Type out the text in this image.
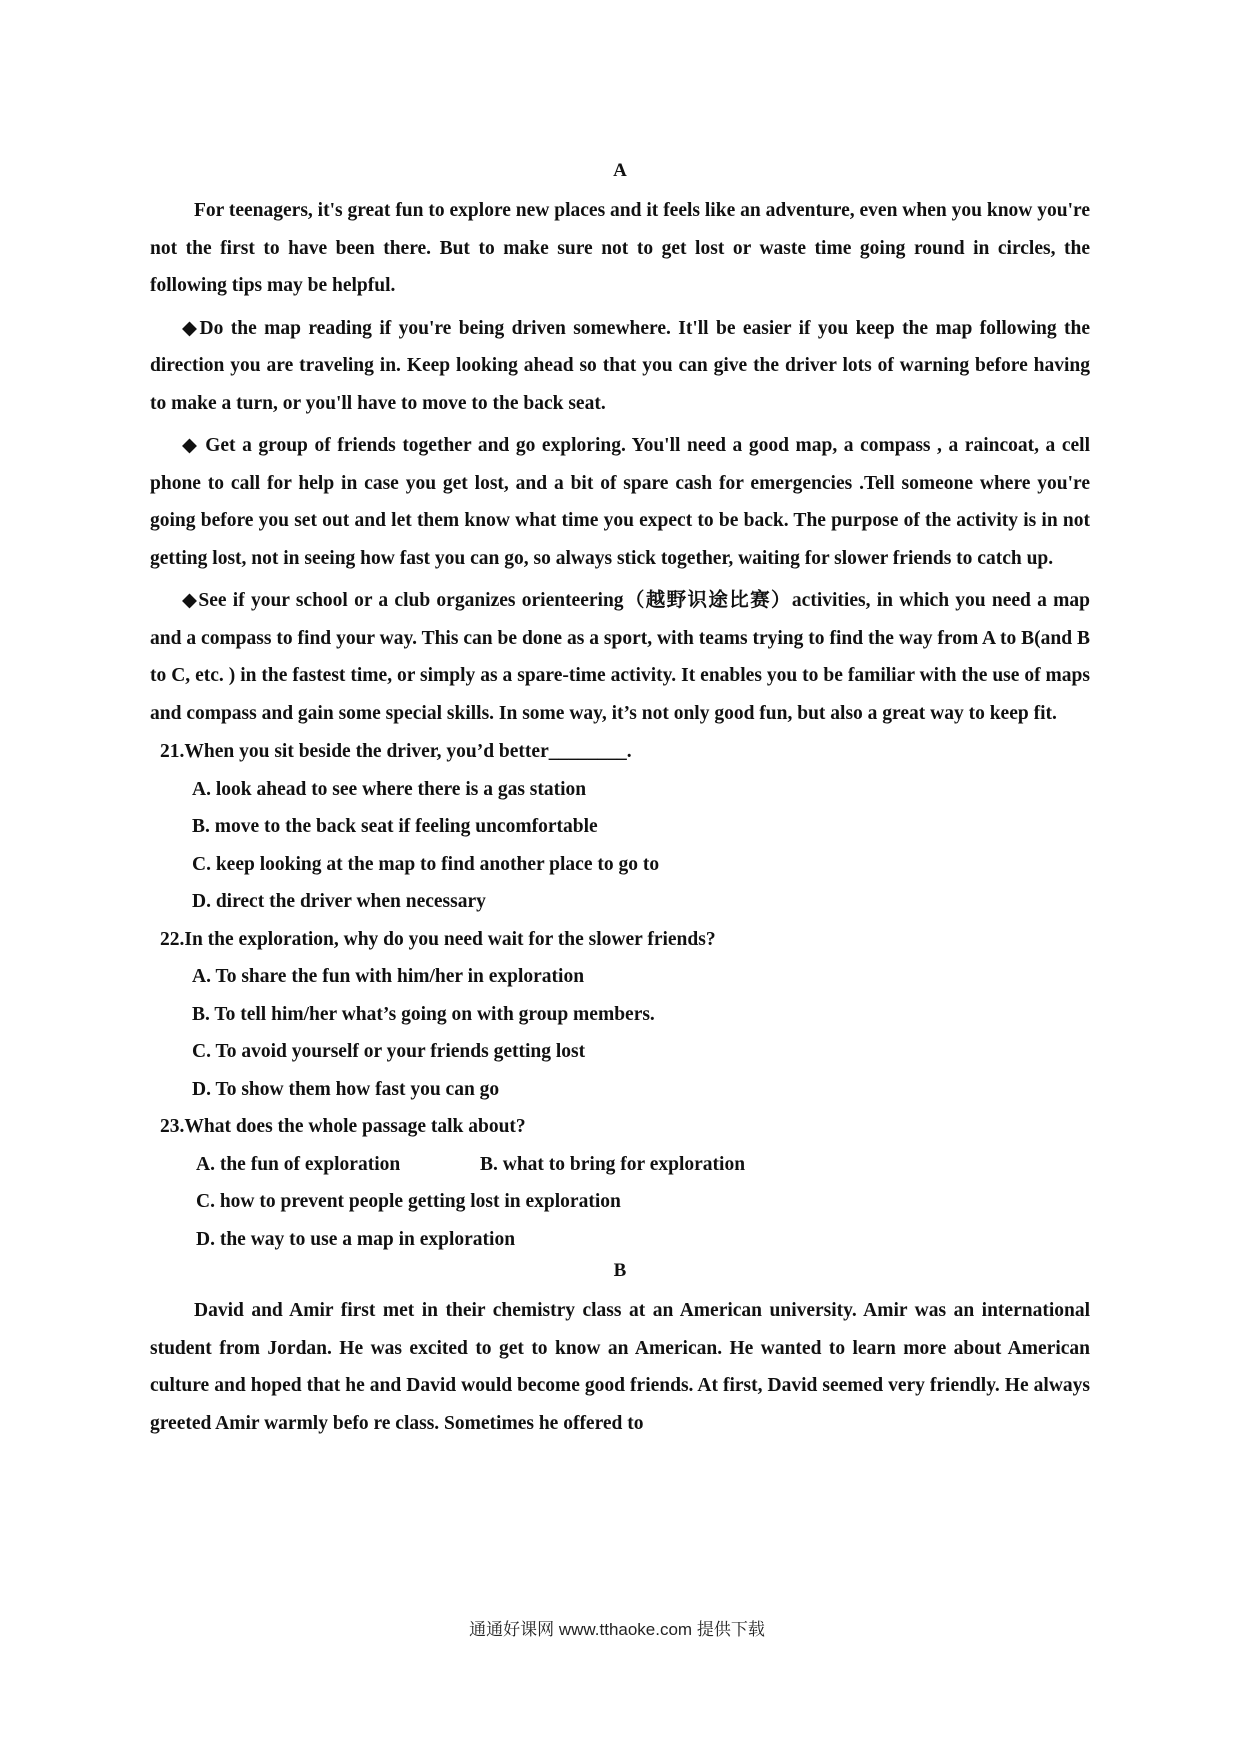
A

For teenagers, it's great fun to explore new places and it feels like an adventure, even when you know you're not the first to have been there. But to make sure not to get lost or waste time going round in circles, the following tips may be helpful.

◆Do the map reading if you're being driven somewhere. It'll be easier if you keep the map following the direction you are traveling in. Keep looking ahead so that you can give the driver lots of warning before having to make a turn, or you'll have to move to the back seat.

◆ Get a group of friends together and go exploring. You'll need a good map, a compass , a raincoat, a cell phone to call for help in case you get lost, and a bit of spare cash for emergencies .Tell someone where you're going before you set out and let them know what time you expect to be back. The purpose of the activity is in not getting lost, not in seeing how fast you can go, so always stick together, waiting for slower friends to catch up.

◆See if your school or a club organizes orienteering（越野识途比赛）activities, in which you need a map and a compass to find your way. This can be done as a sport, with teams trying to find the way from A to B(and B to C, etc. ) in the fastest time, or simply as a spare-time activity. It enables you to be familiar with the use of maps and compass and gain some special skills. In some way, it’s not only good fun, but also a great way to keep fit.

21.When you sit beside the driver, you’d better________.
A. look ahead to see where there is a gas station
B. move to the back seat if feeling uncomfortable
C. keep looking at the map to find another place to go to
D. direct the driver when necessary
22.In the exploration, why do you need wait for the slower friends?
A. To share the fun with him/her in exploration
B. To tell him/her what’s going on with group members.
C. To avoid yourself or your friends getting lost
D. To show them how fast you can go
23.What does the whole passage talk about?
A. the fun of exploration	B. what to bring for exploration
C. how to prevent people getting lost in exploration
D. the way to use a map in exploration
B

David and Amir first met in their chemistry class at an American university. Amir was an international student from Jordan. He was excited to get to know an American. He wanted to learn more about American culture and hoped that he and David would become good friends. At first, David seemed very friendly. He always greeted Amir warmly befo re class. Sometimes he offered to

通通好课网 www.tthaoke.com 提供下载
